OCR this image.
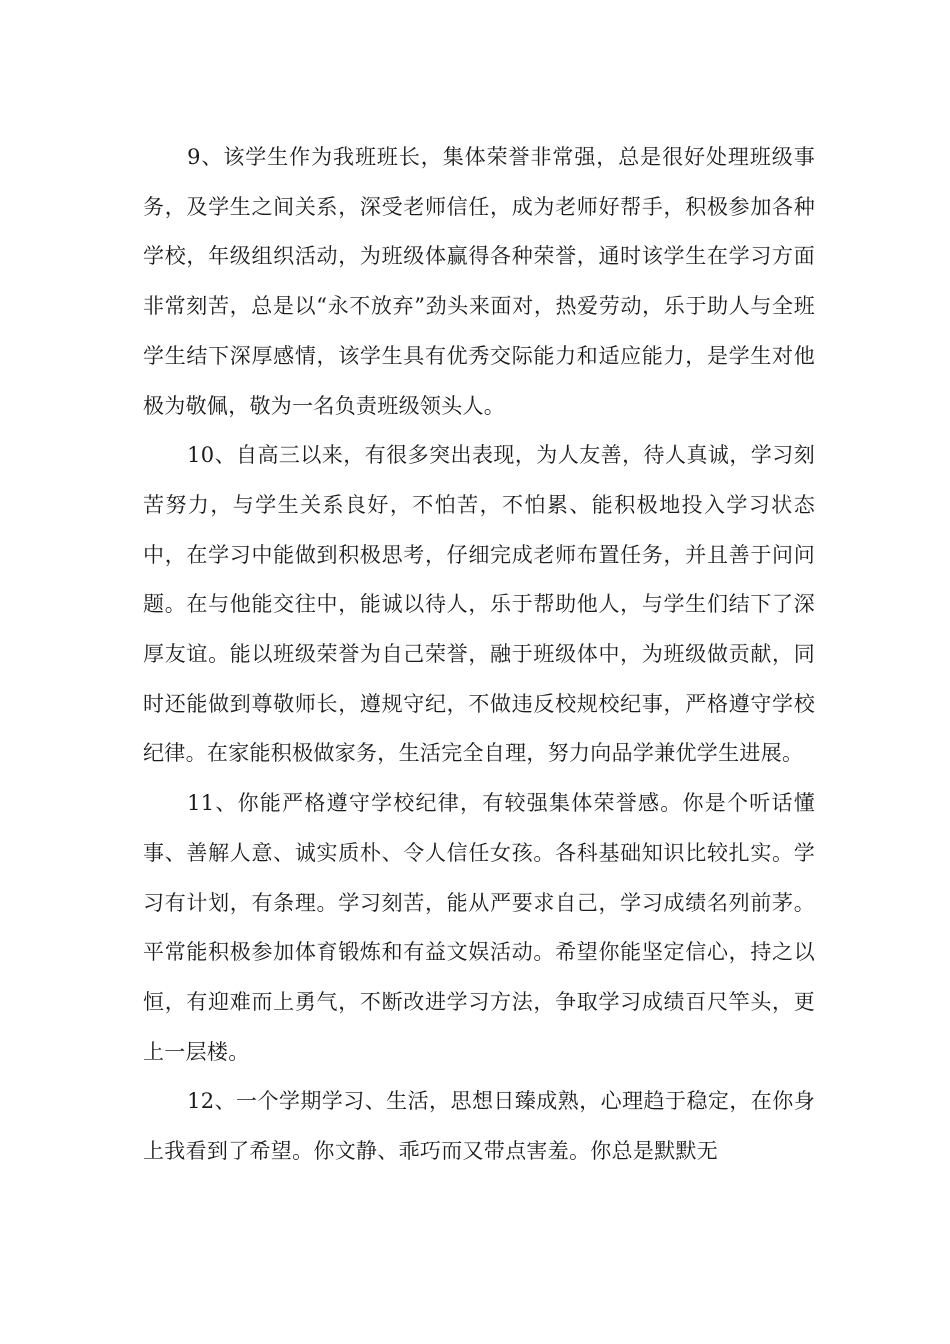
9、该学生作为我班班长，集体荣誉非常强，总是很好处理班级事务，及学生之间关系，深受老师信任，成为老师好帮手，积极参加各种学校，年级组织活动，为班级体赢得各种荣誉，通时该学生在学习方面非常刻苦，总是以“永不放弃”劲头来面对，热爱劳动，乐于助人与全班学生结下深厚感情，该学生具有优秀交际能力和适应能力，是学生对他极为敬佩，敬为一名负责班级领头人。

10、自高三以来，有很多突出表现，为人友善，待人真诚，学习刻苦努力，与学生关系良好，不怕苦，不怕累、能积极地投入学习状态中，在学习中能做到积极思考，仔细完成老师布置任务，并且善于问问题。在与他能交往中，能诚以待人，乐于帮助他人，与学生们结下了深厚友谊。能以班级荣誉为自己荣誉，融于班级体中，为班级做贡献，同时还能做到尊敬师长，遵规守纪，不做违反校规校纪事，严格遵守学校纪律。在家能积极做家务，生活完全自理，努力向品学兼优学生进展。

11、你能严格遵守学校纪律，有较强集体荣誉感。你是个听话懂事、善解人意、诚实质朴、令人信任女孩。各科基础知识比较扎实。学习有计划，有条理。学习刻苦，能从严要求自己，学习成绩名列前茅。平常能积极参加体育锻炼和有益文娱活动。希望你能坚定信心，持之以恒，有迎难而上勇气，不断改进学习方法，争取学习成绩百尺竿头，更上一层楼。

12、一个学期学习、生活，思想日臻成熟，心理趋于稳定，在你身上我看到了希望。你文静、乖巧而又带点害羞。你总是默默无
